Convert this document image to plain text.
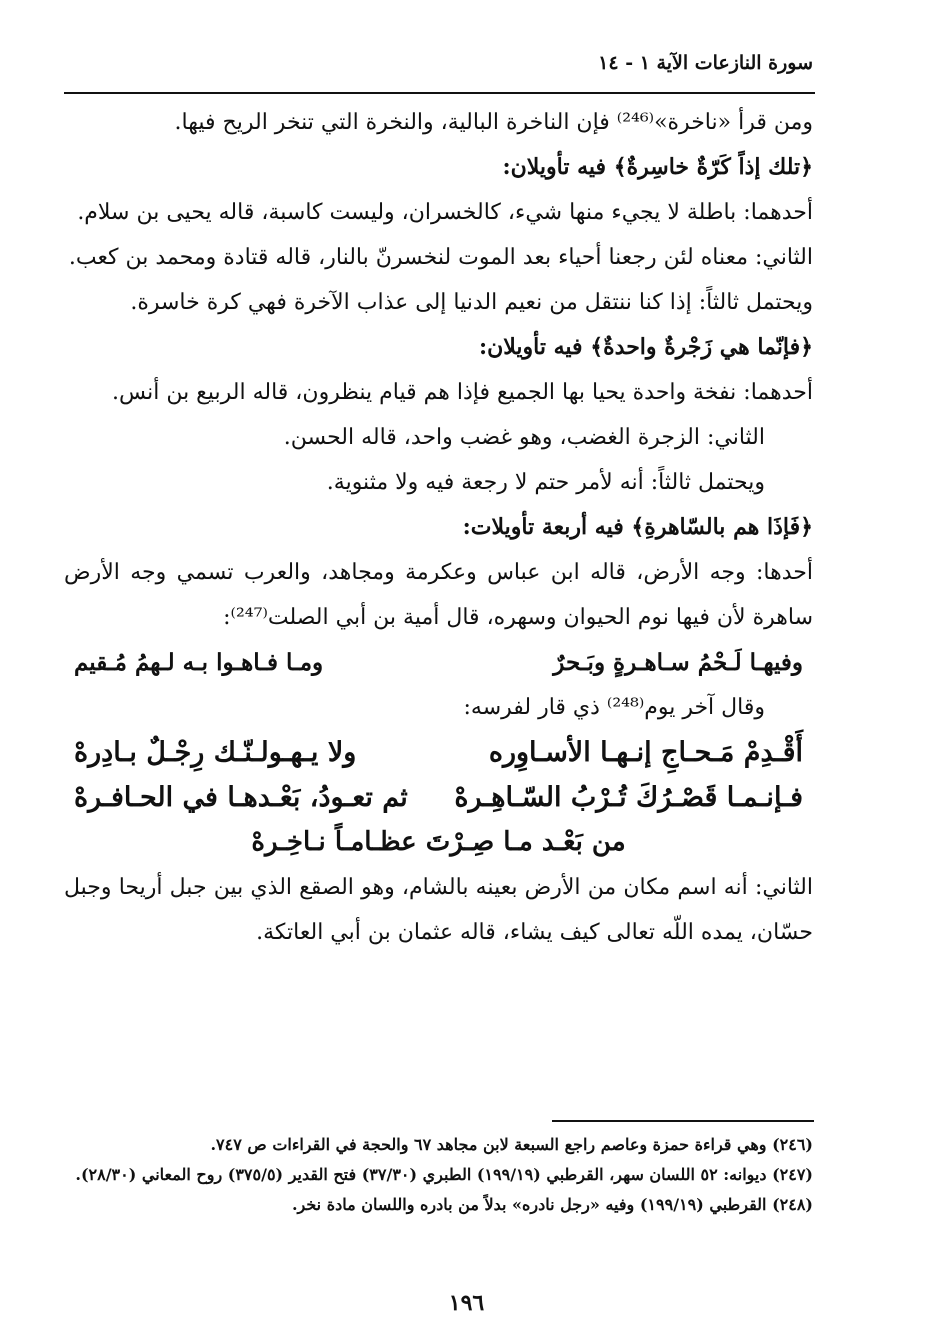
سورة النازعات الآية ١ - ١٤

ومن قرأ «ناخرة»⁽²⁴⁶⁾ فإن الناخرة البالية، والنخرة التي تنخر الريح فيها.

﴿تلك إذاً كَرّةٌ خاسِرةٌ﴾ فيه تأويلان:

أحدهما: باطلة لا يجيء منها شيء، كالخسران، وليست كاسبة، قاله يحيى بن سلام.

الثاني: معناه لئن رجعنا أحياء بعد الموت لنخسرنّ بالنار، قاله قتادة ومحمد بن كعب.

ويحتمل ثالثاً: إذا كنا ننتقل من نعيم الدنيا إلى عذاب الآخرة فهي كرة خاسرة.

﴿فإنّما هي زَجْرةٌ واحدةٌ﴾ فيه تأويلان:

أحدهما: نفخة واحدة يحيا بها الجميع فإذا هم قيام ينظرون، قاله الربيع بن أنس.

الثاني: الزجرة الغضب، وهو غضب واحد، قاله الحسن.

ويحتمل ثالثاً: أنه لأمر حتم لا رجعة فيه ولا مثنوية.

﴿فَإذَا هم بالسّاهرةِ﴾ فيه أربعة تأويلات:

أحدها: وجه الأرض، قاله ابن عباس وعكرمة ومجاهد، والعرب تسمي وجه الأرض ساهرة لأن فيها نوم الحيوان وسهره، قال أمية بن أبي الصلت⁽²⁴⁷⁾:

وفيهـا لَـحْمُ سـاهـرةٍ وبَـحرٌ
ومـا فـاهـوا بـه لـهمُ مُـقيم

وقال آخر يوم⁽²⁴⁸⁾ ذي قار لفرسه:

أَقْـدِمْ مَـحـاجِ إنـهـا الأسـاوِره
ولا يـهـولـنّـك رِجْـلٌ بـادِرهْ
فـإنـمـا قَصْـرُكَ تُـرْبُ السّـاهِـرهْ
ثم تعـودُ، بَعْـدهـا في الحـافـرهْ

من بَعْـد مـا صِـرْتَ عظـامـاً نـاخِـرهْ

الثاني: أنه اسم مكان من الأرض بعينه بالشام، وهو الصقع الذي بين جبل أريحا وجبل حسّان، يمده اللّه تعالى كيف يشاء، قاله عثمان بن أبي العاتكة.

(٢٤٦) وهي قراءة حمزة وعاصم راجع السبعة لابن مجاهد ٦٧ والحجة في القراءات ص ٧٤٧.

(٢٤٧) ديوانه: ٥٢ اللسان سهر، القرطبي (١٩٩/١٩) الطبري (٣٧/٣٠) فتح القدير (٣٧٥/٥) روح المعاني (٢٨/٣٠).

(٢٤٨) القرطبي (١٩٩/١٩) وفيه «رجل نادره» بدلاً من بادره واللسان مادة نخر.

١٩٦
